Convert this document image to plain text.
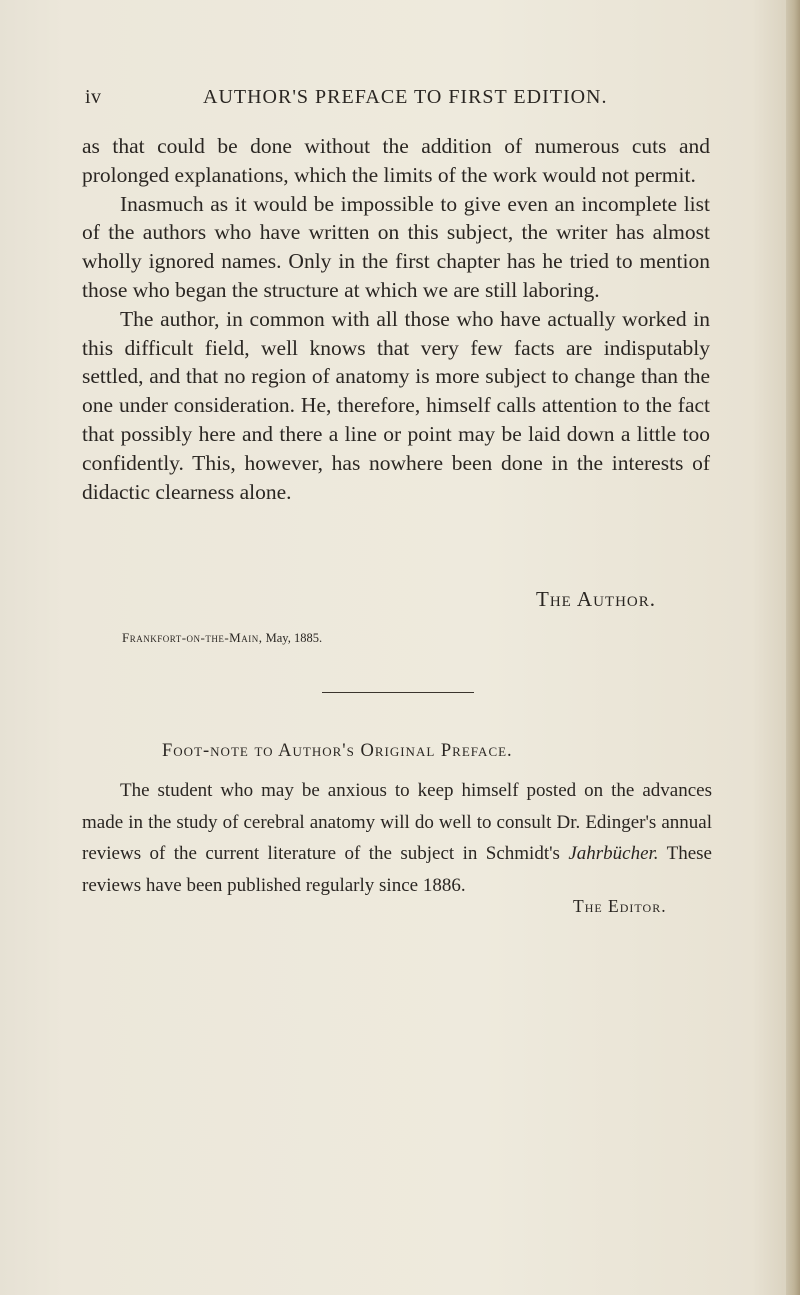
iv	AUTHOR'S PREFACE TO FIRST EDITION.

as that could be done without the addition of numerous cuts and prolonged explanations, which the limits of the work would not permit.

Inasmuch as it would be impossible to give even an incomplete list of the authors who have written on this subject, the writer has almost wholly ignored names. Only in the first chapter has he tried to mention those who began the structure at which we are still laboring.

The author, in common with all those who have actually worked in this difficult field, well knows that very few facts are indisputably settled, and that no region of anatomy is more subject to change than the one under consideration. He, therefore, himself calls attention to the fact that possibly here and there a line or point may be laid down a little too confidently. This, however, has nowhere been done in the interests of didactic clearness alone.

The Author.
Frankfort-on-the-Main, May, 1885.
Foot-note to Author's Original Preface.

The student who may be anxious to keep himself posted on the advances made in the study of cerebral anatomy will do well to consult Dr. Edinger's annual reviews of the current literature of the subject in Schmidt's Jahrbücher. These reviews have been published regularly since 1886.

The Editor.
